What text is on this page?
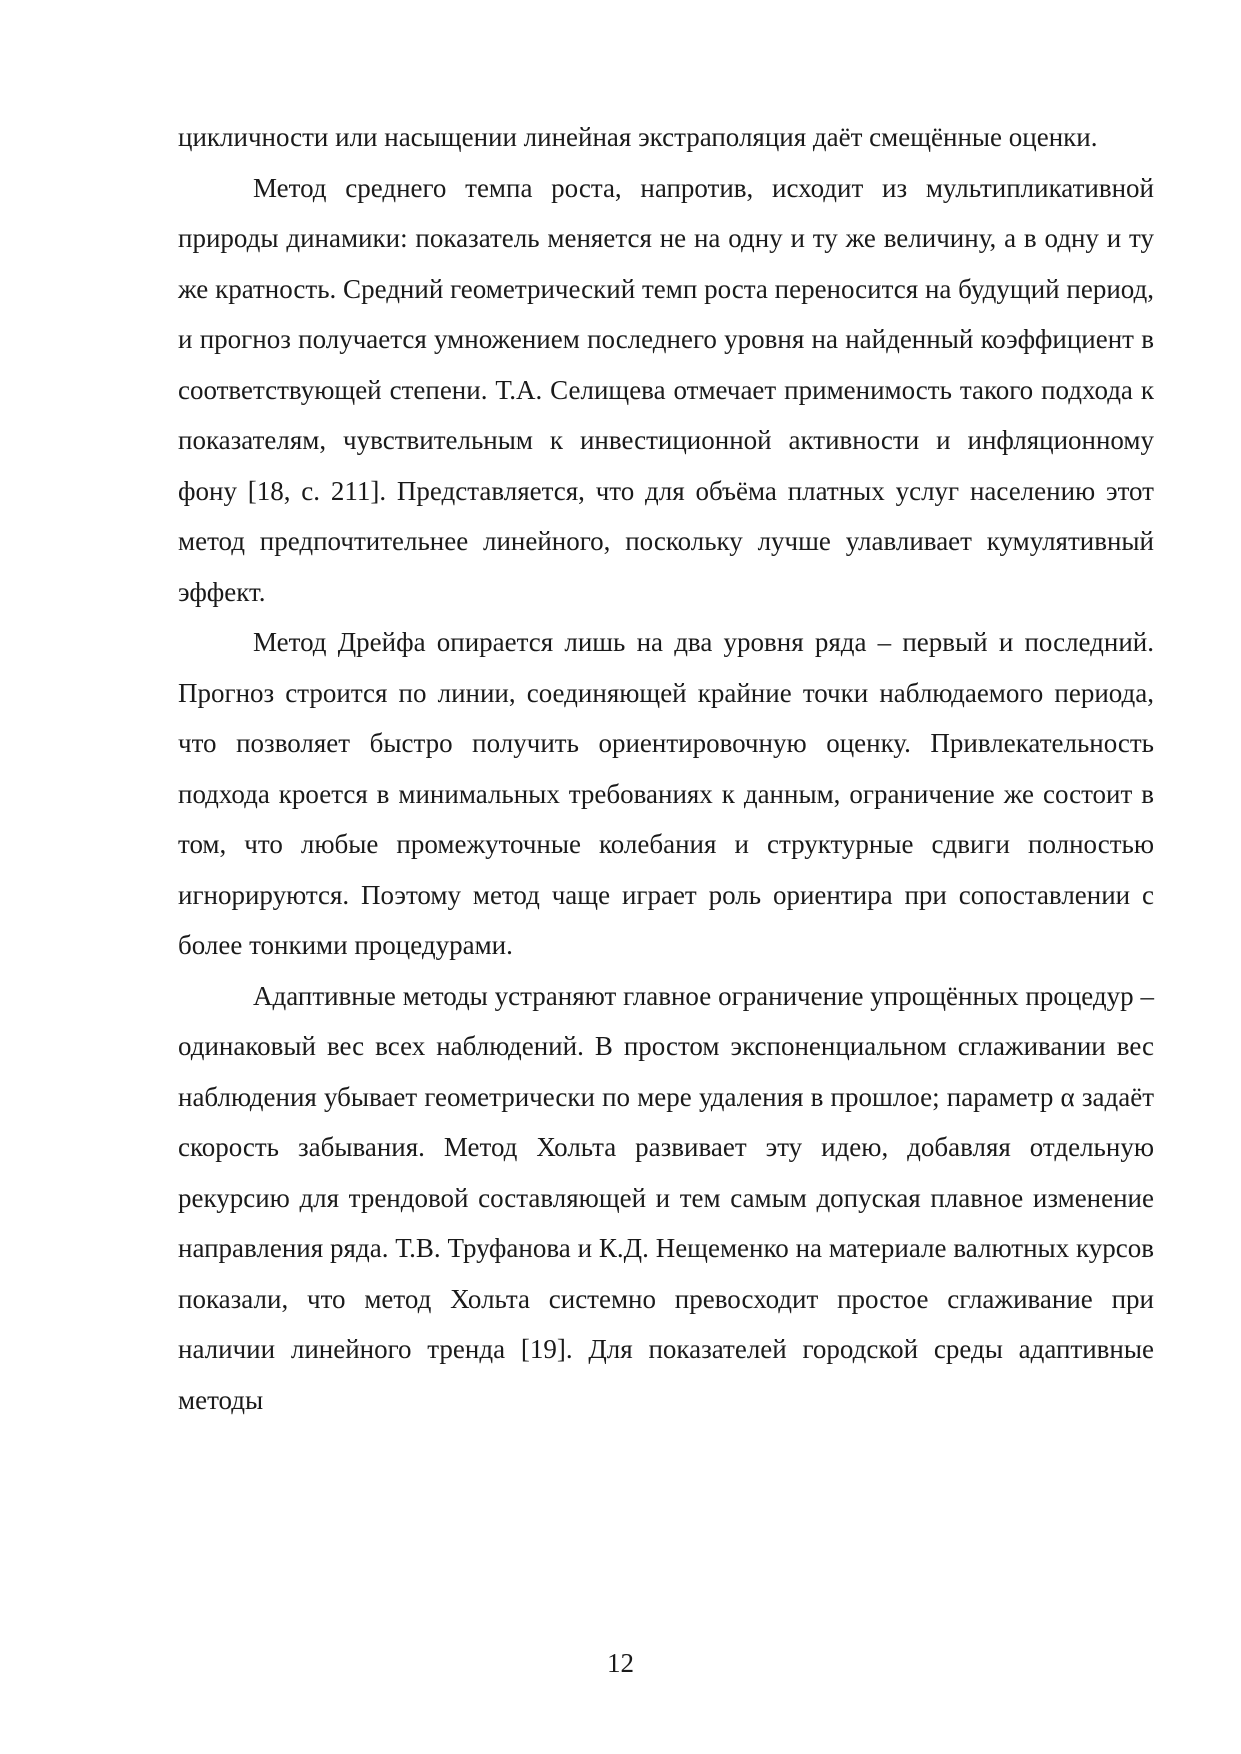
цикличности или насыщении линейная экстраполяция даёт смещённые оценки.

Метод среднего темпа роста, напротив, исходит из мультипликативной природы динамики: показатель меняется не на одну и ту же величину, а в одну и ту же кратность. Средний геометрический темп роста переносится на будущий период, и прогноз получается умножением последнего уровня на найденный коэффициент в соответствующей степени. Т.А. Селищева отмечает применимость такого подхода к показателям, чувствительным к инвестиционной активности и инфляционному фону [18, с. 211]. Представляется, что для объёма платных услуг населению этот метод предпочтительнее линейного, поскольку лучше улавливает кумулятивный эффект.

Метод Дрейфа опирается лишь на два уровня ряда – первый и последний. Прогноз строится по линии, соединяющей крайние точки наблюдаемого периода, что позволяет быстро получить ориентировочную оценку. Привлекательность подхода кроется в минимальных требованиях к данным, ограничение же состоит в том, что любые промежуточные колебания и структурные сдвиги полностью игнорируются. Поэтому метод чаще играет роль ориентира при сопоставлении с более тонкими процедурами.

Адаптивные методы устраняют главное ограничение упрощённых процедур – одинаковый вес всех наблюдений. В простом экспоненциальном сглаживании вес наблюдения убывает геометрически по мере удаления в прошлое; параметр α задаёт скорость забывания. Метод Хольта развивает эту идею, добавляя отдельную рекурсию для трендовой составляющей и тем самым допуская плавное изменение направления ряда. Т.В. Труфанова и К.Д. Нещеменко на материале валютных курсов показали, что метод Хольта системно превосходит простое сглаживание при наличии линейного тренда [19]. Для показателей городской среды адаптивные методы

12
